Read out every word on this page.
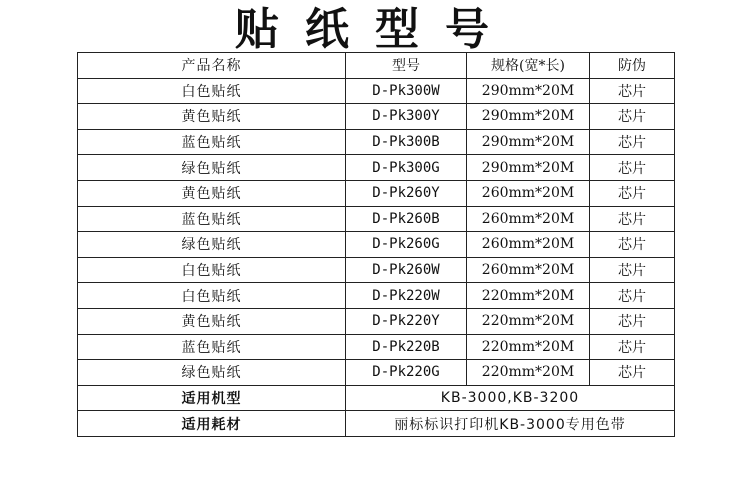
贴纸型号
产品名称	型号	规格(宽*长)	防伪
白色贴纸	D-Pk300W	290mm*20M	芯片
黄色贴纸	D-Pk300Y	290mm*20M	芯片
蓝色贴纸	D-Pk300B	290mm*20M	芯片
绿色贴纸	D-Pk300G	290mm*20M	芯片
黄色贴纸	D-Pk260Y	260mm*20M	芯片
蓝色贴纸	D-Pk260B	260mm*20M	芯片
绿色贴纸	D-Pk260G	260mm*20M	芯片
白色贴纸	D-Pk260W	260mm*20M	芯片
白色贴纸	D-Pk220W	220mm*20M	芯片
黄色贴纸	D-Pk220Y	220mm*20M	芯片
蓝色贴纸	D-Pk220B	220mm*20M	芯片
绿色贴纸	D-Pk220G	220mm*20M	芯片
适用机型	KB-3000,KB-3200		
适用耗材	丽标标识打印机KB-3000专用色带		
